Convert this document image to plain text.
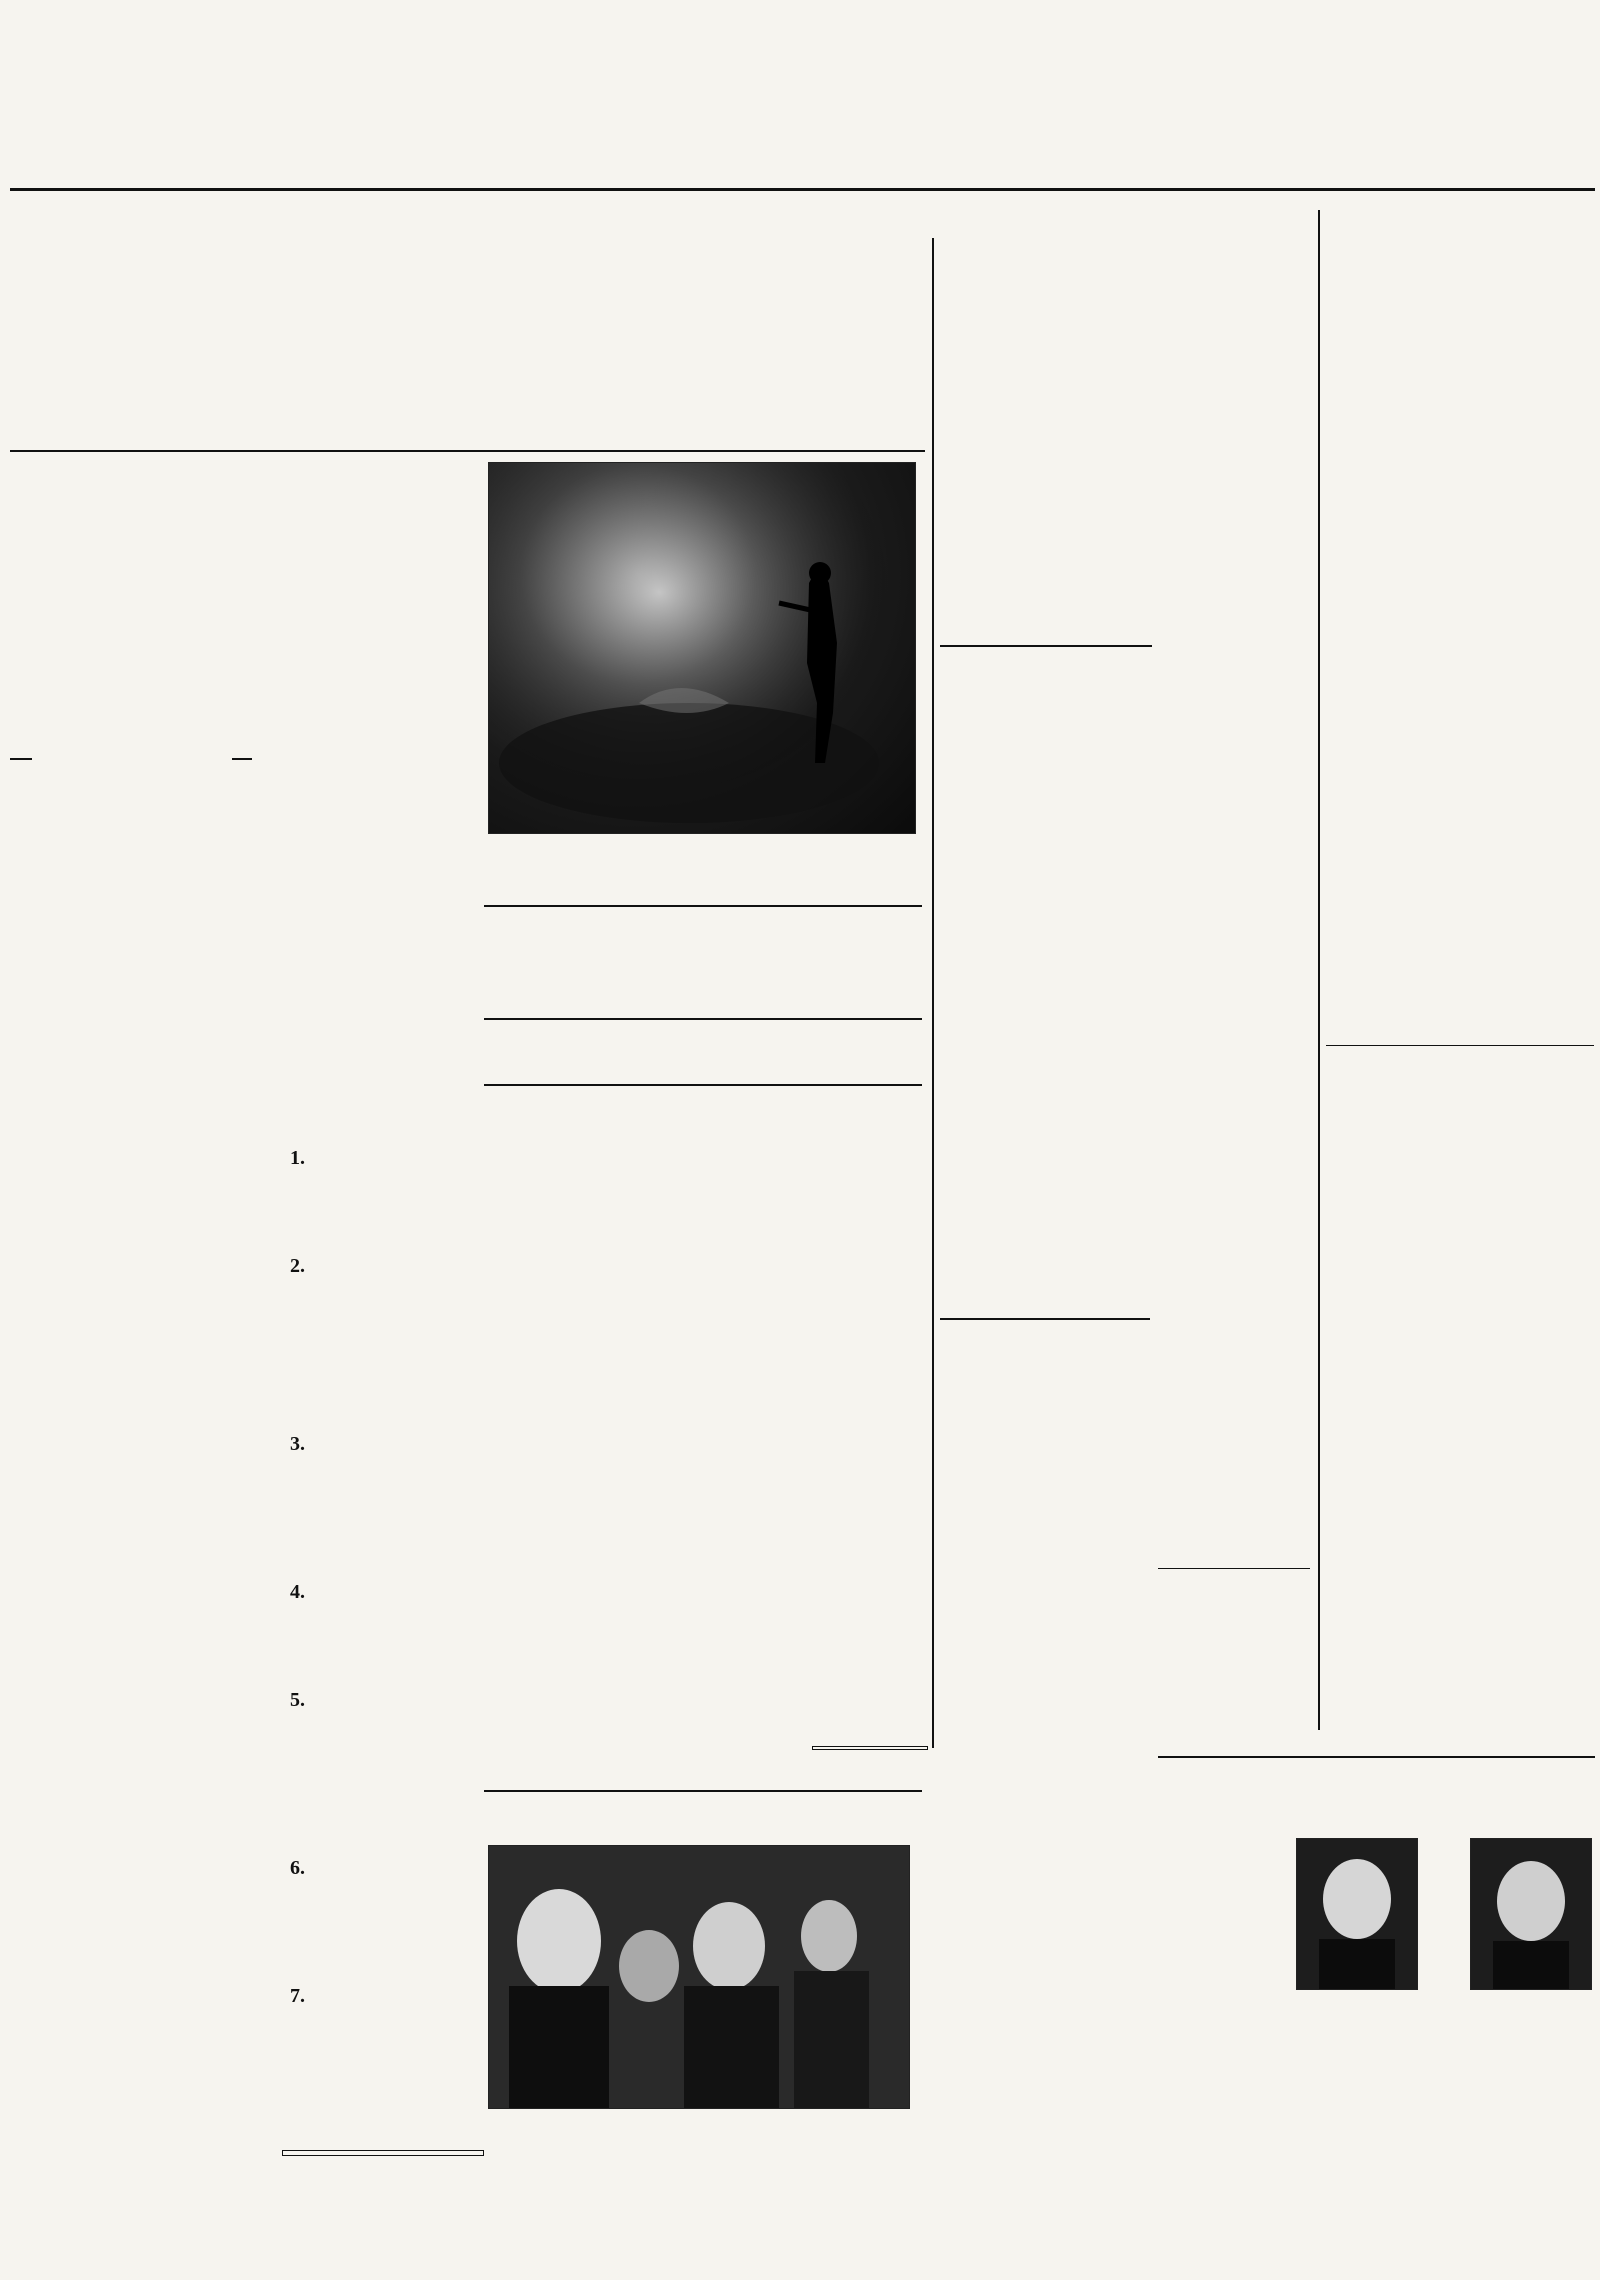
1.
2.
3.
4.
5.
6.
7.
